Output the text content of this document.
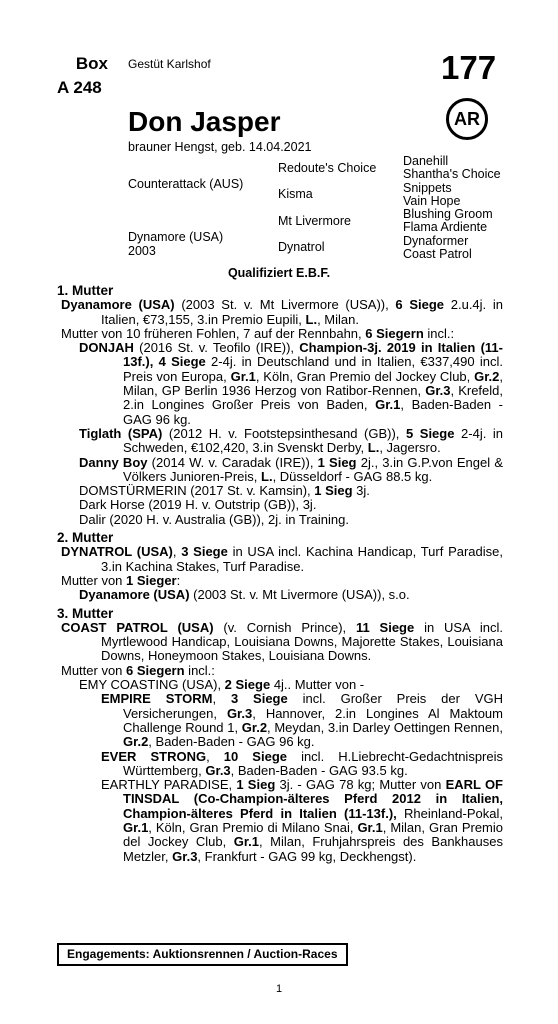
Box
A 248
Gestüt Karlshof	177
AR
Don Jasper
brauner Hengst, geb. 14.04.2021
Counterattack (AUS)
Dynamore (USA)
2003
Redoute's Choice
Kisma
Mt Livermore
Dynatrol
Danehill
Shantha's Choice
Snippets
Vain Hope
Blushing Groom
Flama Ardiente
Dynaformer
Coast Patrol
Qualifiziert E.B.F.

1. Mutter

Dyanamore (USA) (2003 St. v. Mt Livermore (USA)), 6 Siege 2.u.4j. in Italien, €73,155, 3.in Premio Eupili, L., Milan.

Mutter von 10 früheren Fohlen, 7 auf der Rennbahn, 6 Siegern incl.:

DONJAH (2016 St. v. Teofilo (IRE)), Champion-3j. 2019 in Italien (11-13f.), 4 Siege 2-4j. in Deutschland und in Italien, €337,490 incl. Preis von Europa, Gr.1, Köln, Gran Premio del Jockey Club, Gr.2, Milan, GP Berlin 1936 Herzog von Ratibor-Rennen, Gr.3, Krefeld, 2.in Longines Großer Preis von Baden, Gr.1, Baden-Baden - GAG 96 kg.

Tiglath (SPA) (2012 H. v. Footstepsinthesand (GB)), 5 Siege 2-4j. in Schweden, €102,420, 3.in Svenskt Derby, L., Jagersro.

Danny Boy (2014 W. v. Caradak (IRE)), 1 Sieg 2j., 3.in G.P.von Engel & Völkers Junioren-Preis, L., Düsseldorf - GAG 88.5 kg.

DOMSTÜRMERIN (2017 St. v. Kamsin), 1 Sieg 3j.

Dark Horse (2019 H. v. Outstrip (GB)), 3j.

Dalir (2020 H. v. Australia (GB)), 2j. in Training.

2. Mutter

DYNATROL (USA), 3 Siege in USA incl. Kachina Handicap, Turf Paradise, 3.in Kachina Stakes, Turf Paradise.

Mutter von 1 Sieger:

Dyanamore (USA) (2003 St. v. Mt Livermore (USA)), s.o.

3. Mutter

COAST PATROL (USA) (v. Cornish Prince), 11 Siege in USA incl. Myrtlewood Handicap, Louisiana Downs, Majorette Stakes, Louisiana Downs, Honeymoon Stakes, Louisiana Downs.

Mutter von 6 Siegern incl.:

EMY COASTING (USA), 2 Siege 4j.. Mutter von -

EMPIRE STORM, 3 Siege incl. Großer Preis der VGH Versicherungen, Gr.3, Hannover, 2.in Longines Al Maktoum Challenge Round 1, Gr.2, Meydan, 3.in Darley Oettingen Rennen, Gr.2, Baden-Baden - GAG 96 kg.

EVER STRONG, 10 Siege incl. H.Liebrecht-Gedachtnispreis Württemberg, Gr.3, Baden-Baden - GAG 93.5 kg.

EARTHLY PARADISE, 1 Sieg 3j. - GAG 78 kg; Mutter von EARL OF TINSDAL (Co-Champion-älteres Pferd 2012 in Italien, Champion-älteres Pferd in Italien (11-13f.), Rheinland-Pokal, Gr.1, Köln, Gran Premio di Milano Snai, Gr.1, Milan, Gran Premio del Jockey Club, Gr.1, Milan, Fruhjahrspreis des Bankhauses Metzler, Gr.3, Frankfurt - GAG 99 kg, Deckhengst).

Engagements: Auktionsrennen / Auction-Races
1
